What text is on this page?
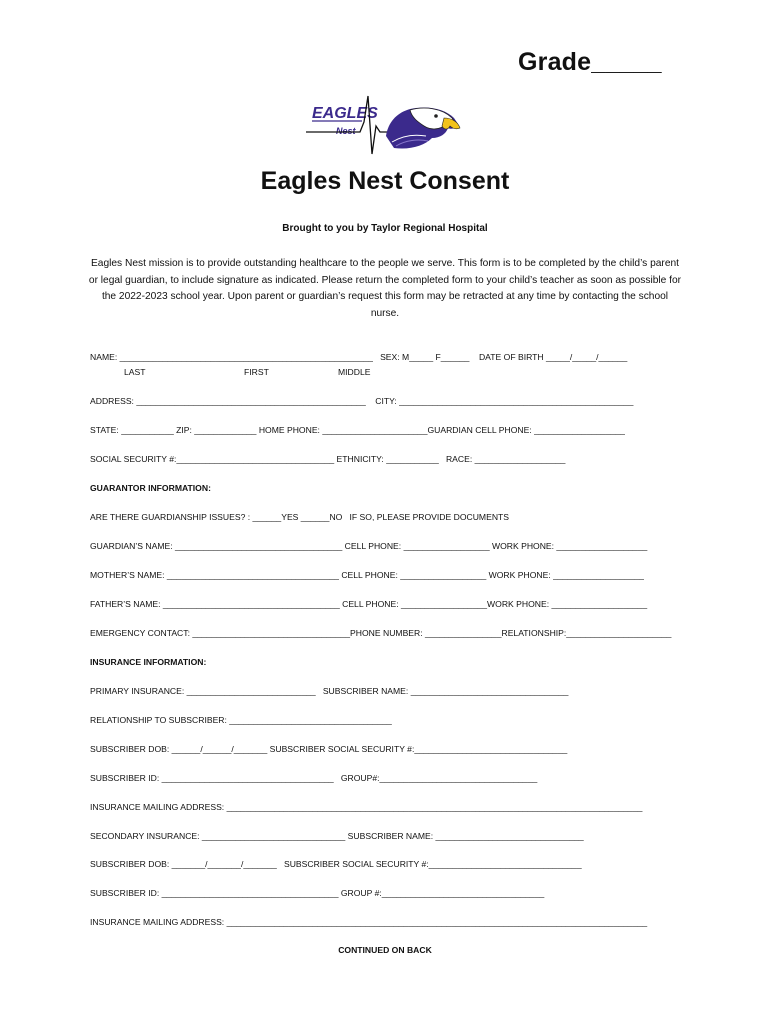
Grade_____
EAGLES
Nest
Eagles Nest Consent
Brought to you by Taylor Regional Hospital
Eagles Nest mission is to provide outstanding healthcare to the people we serve. This form is to be completed by the child’s parent or legal guardian, to include signature as indicated. Please return the completed form to your child’s teacher as soon as possible for the 2022-2023 school year. Upon parent or guardian’s request this form may be retracted at any time by contacting the school nurse.
NAME: _____________________________________________________   SEX: M_____ F______    DATE OF BIRTH _____/_____/______
LAST	FIRST	MIDDLE
ADDRESS: ________________________________________________    CITY: _________________________________________________
STATE: ___________ ZIP: _____________ HOME PHONE: ______________________GUARDIAN CELL PHONE: ___________________
SOCIAL SECURITY #:_________________________________ ETHNICITY: ___________   RACE: ___________________
GUARANTOR INFORMATION:
ARE THERE GUARDIANSHIP ISSUES? : ______YES ______NO   IF SO, PLEASE PROVIDE DOCUMENTS
GUARDIAN’S NAME: ___________________________________ CELL PHONE: __________________ WORK PHONE: ___________________
MOTHER’S NAME: ____________________________________ CELL PHONE: __________________ WORK PHONE: ___________________
FATHER’S NAME: _____________________________________ CELL PHONE: __________________WORK PHONE: ____________________
EMERGENCY CONTACT: _________________________________PHONE NUMBER: ________________RELATIONSHIP:______________________
INSURANCE INFORMATION:
PRIMARY INSURANCE: ___________________________   SUBSCRIBER NAME: _________________________________
RELATIONSHIP TO SUBSCRIBER: __________________________________
SUBSCRIBER DOB: ______/______/_______ SUBSCRIBER SOCIAL SECURITY #:________________________________
SUBSCRIBER ID: ____________________________________   GROUP#:_________________________________
INSURANCE MAILING ADDRESS: _______________________________________________________________________________________
SECONDARY INSURANCE: ______________________________ SUBSCRIBER NAME: _______________________________
SUBSCRIBER DOB: _______/_______/_______   SUBSCRIBER SOCIAL SECURITY #:________________________________
SUBSCRIBER ID: _____________________________________ GROUP #:__________________________________
INSURANCE MAILING ADDRESS: ________________________________________________________________________________________
CONTINUED ON BACK
